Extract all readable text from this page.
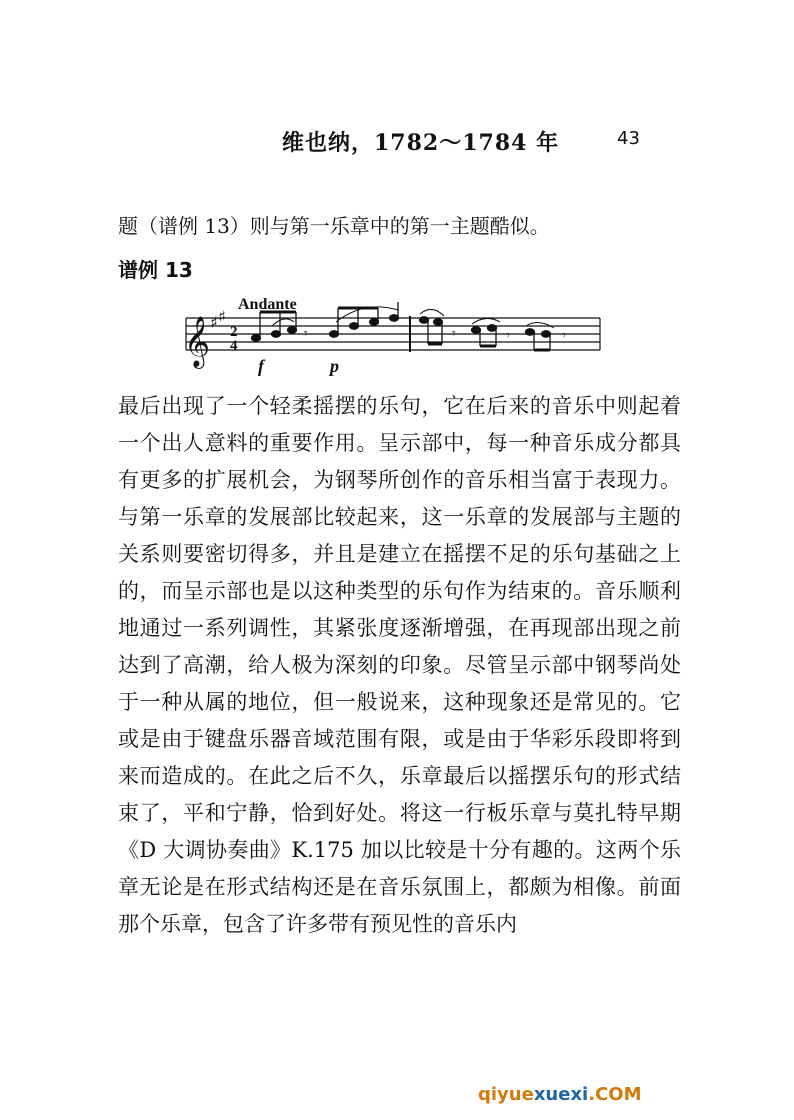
维也纳，1782～1784 年	43
题（谱例 13）则与第一乐章中的第一主题酷似。
谱例 13
Andante
𝄞 ♯ ♯
2
4
𝄾	𝄾	𝄾	𝄾
f	p

最后出现了一个轻柔摇摆的乐句，它在后来的音乐中则起着一个出人意料的重要作用。呈示部中，每一种音乐成分都具有更多的扩展机会，为钢琴所创作的音乐相当富于表现力。与第一乐章的发展部比较起来，这一乐章的发展部与主题的关系则要密切得多，并且是建立在摇摆不足的乐句基础之上的，而呈示部也是以这种类型的乐句作为结束的。音乐顺利地通过一系列调性，其紧张度逐渐增强，在再现部出现之前达到了高潮，给人极为深刻的印象。尽管呈示部中钢琴尚处于一种从属的地位，但一般说来，这种现象还是常见的。它或是由于键盘乐器音域范围有限，或是由于华彩乐段即将到来而造成的。在此之后不久，乐章最后以摇摆乐句的形式结束了，平和宁静，恰到好处。将这一行板乐章与莫扎特早期《D 大调协奏曲》K.175 加以比较是十分有趣的。这两个乐章无论是在形式结构还是在音乐氛围上，都颇为相像。前面那个乐章，包含了许多带有预见性的音乐内

qiyuexuexi.COM
